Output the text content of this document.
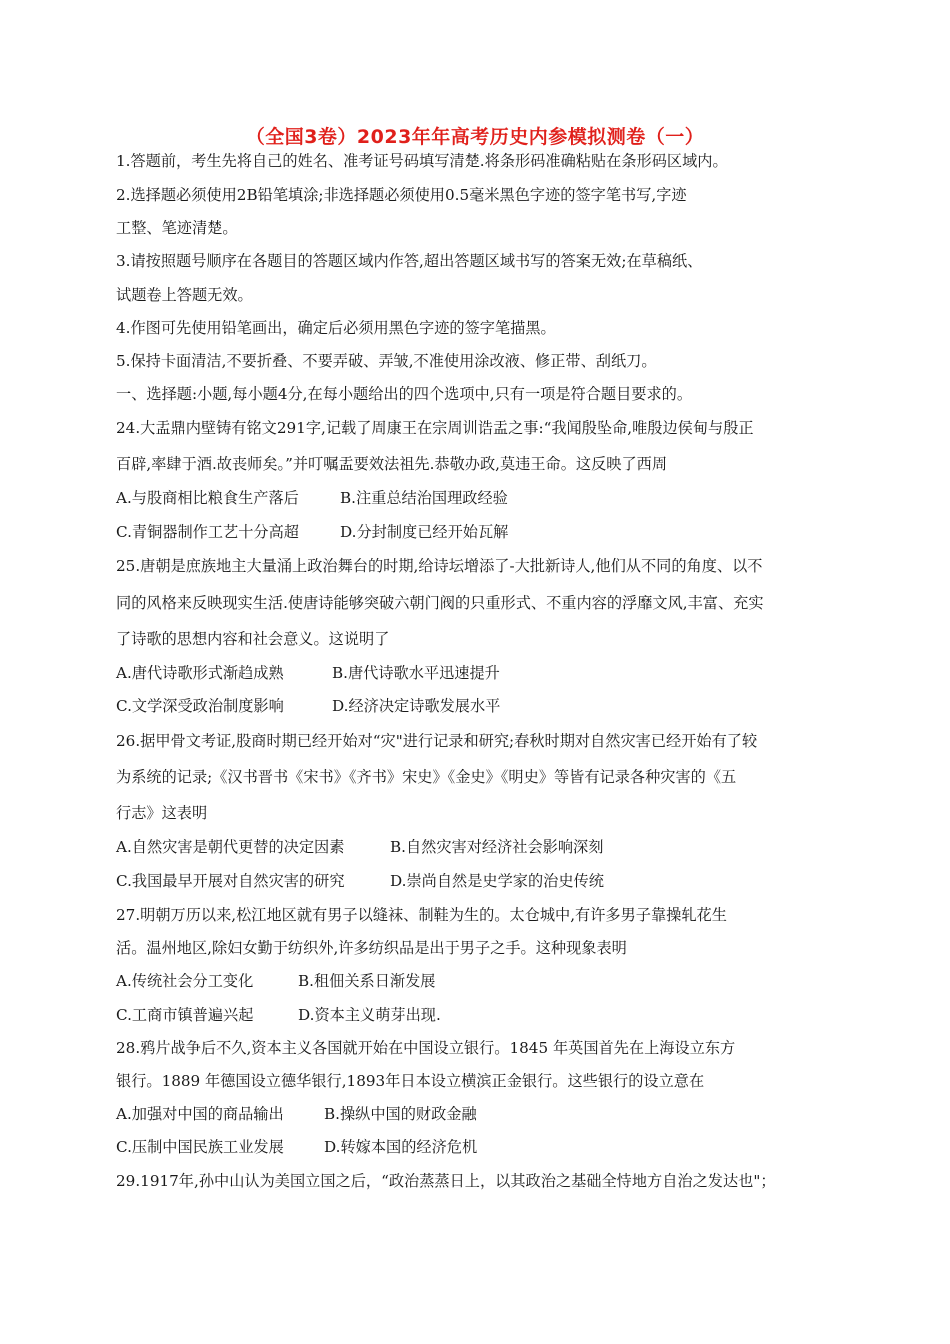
（全国3卷）2023年年高考历史内参模拟测卷（一）
1.答题前，考生先将自己的姓名、准考证号码填写清楚.将条形码准确粘贴在条形码区域内。
2.选择题必须使用2B铅笔填涂;非选择题必须使用0.5毫米黑色字迹的签字笔书写,字迹
工整、笔迹清楚。
3.请按照题号顺序在各题目的答题区域内作答,超出答题区域书写的答案无效;在草稿纸、
试题卷上答题无效。
4.作图可先使用铅笔画出，确定后必须用黑色字迹的签字笔描黑。
5.保持卡面清洁,不要折叠、不要弄破、弄皱,不准使用涂改液、修正带、刮纸刀。
一、选择题:小题,每小题4分,在每小题给出的四个选项中,只有一项是符合题目要求的。
24.大盂鼎内壁铸有铭文291字,记载了周康王在宗周训诰盂之事:“我闻殷坠命,唯殷边侯甸与殷正
百辟,率肆于酒.故丧师矣。”并叮嘱盂要效法祖先.恭敬办政,莫违王命。这反映了西周
A.与股商相比粮食生产落后	B.注重总结治国理政经验
C.青铜器制作工艺十分高超	D.分封制度已经开始瓦解
25.唐朝是庶族地主大量涌上政治舞台的时期,给诗坛增添了-大批新诗人,他们从不同的角度、以不
同的风格来反映现实生活.使唐诗能够突破六朝门阀的只重形式、不重内容的浮靡文风,丰富、充实
了诗歌的思想内容和社会意义。这说明了
A.唐代诗歌形式渐趋成熟	B.唐代诗歌水平迅速提升
C.文学深受政治制度影响	D.经济决定诗歌发展水平
26.据甲骨文考证,股商时期已经开始对“灾"进行记录和研究;春秋时期对自然灾害已经开始有了较
为系统的记录;《汉书晋书《宋书》《齐书》宋史》《金史》《明史》等皆有记录各种灾害的《五
行志》这表明
A.自然灾害是朝代更替的决定因素	B.自然灾害对经济社会影响深刻
C.我国最早开展对自然灾害的研究	D.崇尚自然是史学家的治史传统
27.明朝万历以来,松江地区就有男子以缝袜、制鞋为生的。太仓城中,有许多男子靠操轧花生
活。温州地区,除妇女勤于纺织外,许多纺织品是出于男子之手。这种现象表明
A.传统社会分工变化	B.租佃关系日渐发展
C.工商市镇普遍兴起	D.资本主义萌芽出现.
28.鸦片战争后不久,资本主义各国就开始在中国设立银行。1845 年英国首先在上海设立东方
银行。1889 年德国设立德华银行,1893年日本设立横滨正金银行。这些银行的设立意在
A.加强对中国的商品输出	B.操纵中国的财政金融
C.压制中国民族工业发展	D.转嫁本国的经济危机
29.1917年,孙中山认为美国立国之后，“政治蒸蒸日上，以其政治之基础全恃地方自治之发达也"；
